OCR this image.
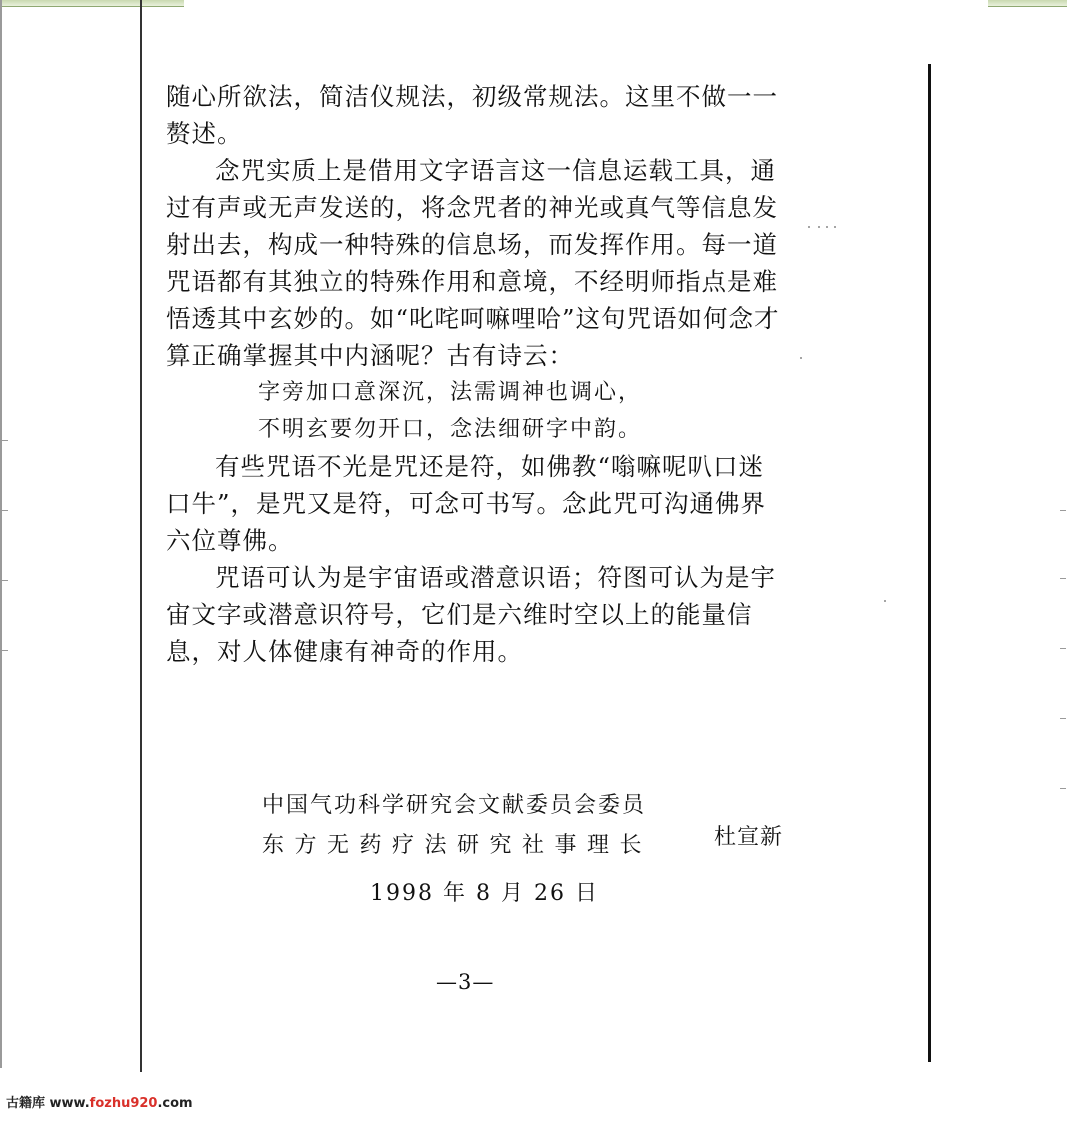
随心所欲法，简洁仪规法，初级常规法。这里不做一一赘述。

念咒实质上是借用文字语言这一信息运载工具，通过有声或无声发送的，将念咒者的神光或真气等信息发射出去，构成一种特殊的信息场，而发挥作用。每一道咒语都有其独立的特殊作用和意境，不经明师指点是难悟透其中玄妙的。如“叱咤呵嘛哩哈”这句咒语如何念才算正确掌握其中内涵呢？古有诗云：

字旁加口意深沉，法需调神也调心，

不明玄要勿开口，念法细研字中韵。

有些咒语不光是咒还是符，如佛教“嗡嘛呢叭口迷口牛”，是咒又是符，可念可书写。念此咒可沟通佛界六位尊佛。

咒语可认为是宇宙语或潜意识语；符图可认为是宇宙文字或潜意识符号，它们是六维时空以上的能量信息，对人体健康有神奇的作用。

中国气功科学研究会文献委员会委员
东方无药疗法研究社事理长	杜宣新
1998 年 8 月 26 日
—3—
古籍库 www.fozhu920.com
